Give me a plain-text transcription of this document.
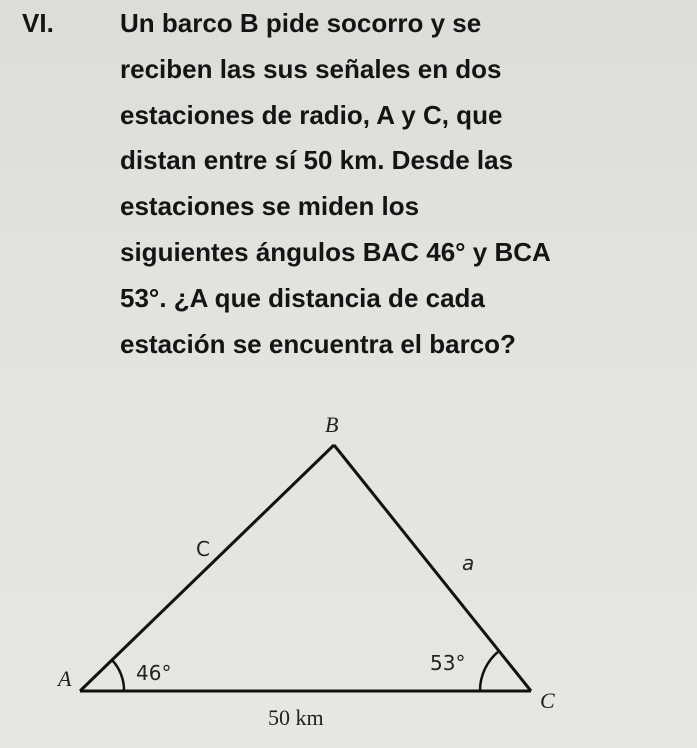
VI.	Un barco B pide socorro y se
reciben las sus señales en dos
estaciones de radio, A y C, que
distan entre sí 50 km. Desde las
estaciones se miden los
siguientes ángulos BAC 46° y BCA
53°. ¿A que distancia de cada
estación se encuentra el barco?
B
A
C
C
a
50 km
46°	53°
